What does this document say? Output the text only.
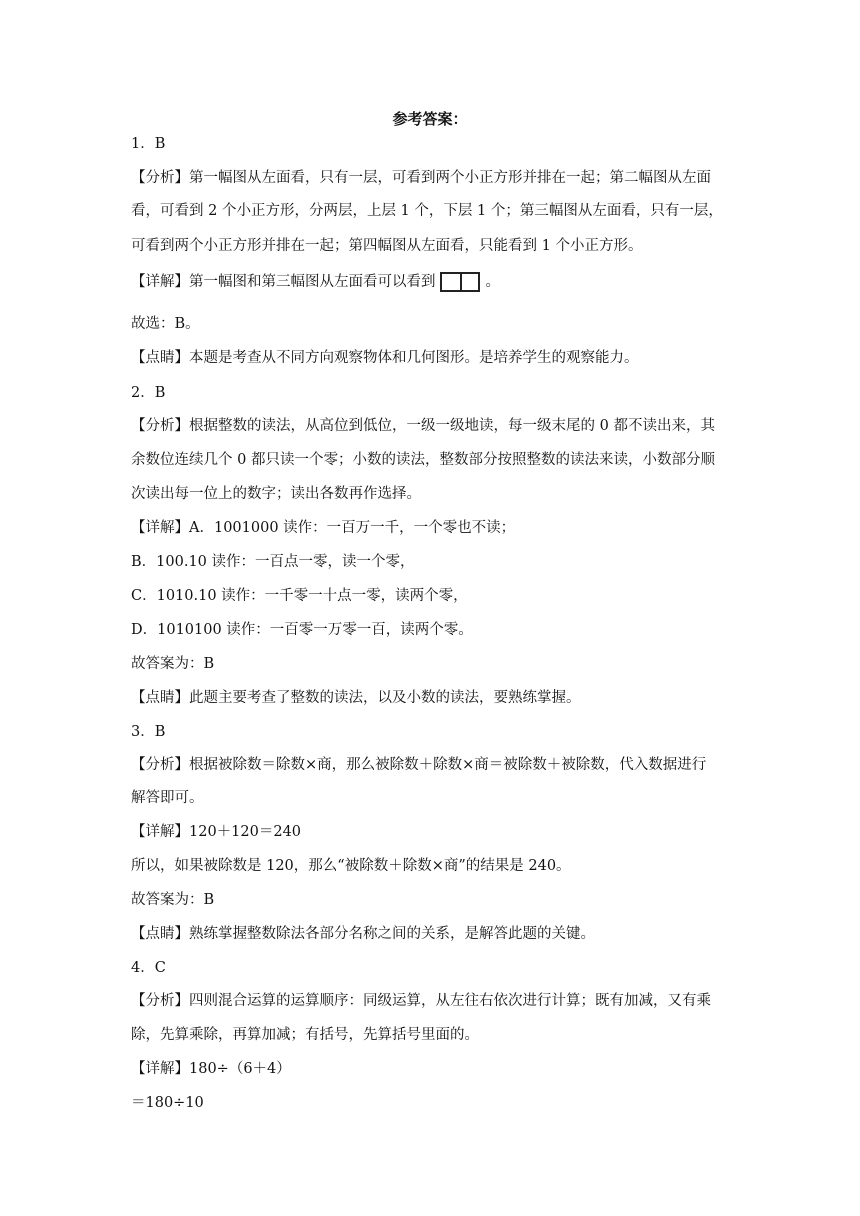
参考答案：
1．B
【分析】第一幅图从左面看，只有一层，可看到两个小正方形并排在一起；第二幅图从左面
看，可看到 2 个小正方形，分两层，上层 1 个，下层 1 个；第三幅图从左面看，只有一层，
可看到两个小正方形并排在一起；第四幅图从左面看，只能看到 1 个小正方形。
【详解】第一幅图和第三幅图从左面看可以看到	。
故选：B。
【点睛】本题是考查从不同方向观察物体和几何图形。是培养学生的观察能力。
2．B
【分析】根据整数的读法，从高位到低位，一级一级地读，每一级末尾的 0 都不读出来，其
余数位连续几个 0 都只读一个零；小数的读法，整数部分按照整数的读法来读，小数部分顺
次读出每一位上的数字；读出各数再作选择。
【详解】A．1001000 读作：一百万一千，一个零也不读；
B．100.10 读作：一百点一零，读一个零，
C．1010.10 读作：一千零一十点一零，读两个零，
D．1010100 读作：一百零一万零一百，读两个零。
故答案为：B
【点睛】此题主要考查了整数的读法，以及小数的读法，要熟练掌握。
3．B
【分析】根据被除数＝除数×商，那么被除数＋除数×商＝被除数＋被除数，代入数据进行
解答即可。
【详解】120＋120＝240
所以，如果被除数是 120，那么“被除数＋除数×商”的结果是 240。
故答案为：B
【点睛】熟练掌握整数除法各部分名称之间的关系，是解答此题的关键。
4．C
【分析】四则混合运算的运算顺序：同级运算，从左往右依次进行计算；既有加减，又有乘
除，先算乘除，再算加减；有括号，先算括号里面的。
【详解】180÷（6＋4）
＝180÷10
